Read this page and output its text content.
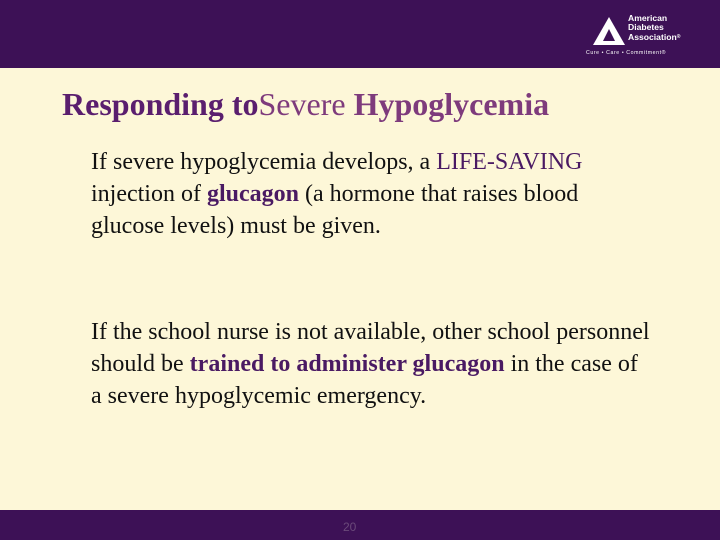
American
Diabetes
Association®
Cure • Care • Commitment®
Responding toSevere Hypoglycemia
If severe hypoglycemia develops, a LIFE-SAVING injection of glucagon (a hormone that raises blood glucose levels) must be given.
If the school nurse is not available, other school personnel should be trained to administer glucagon in the case of a severe hypoglycemic emergency.
20
